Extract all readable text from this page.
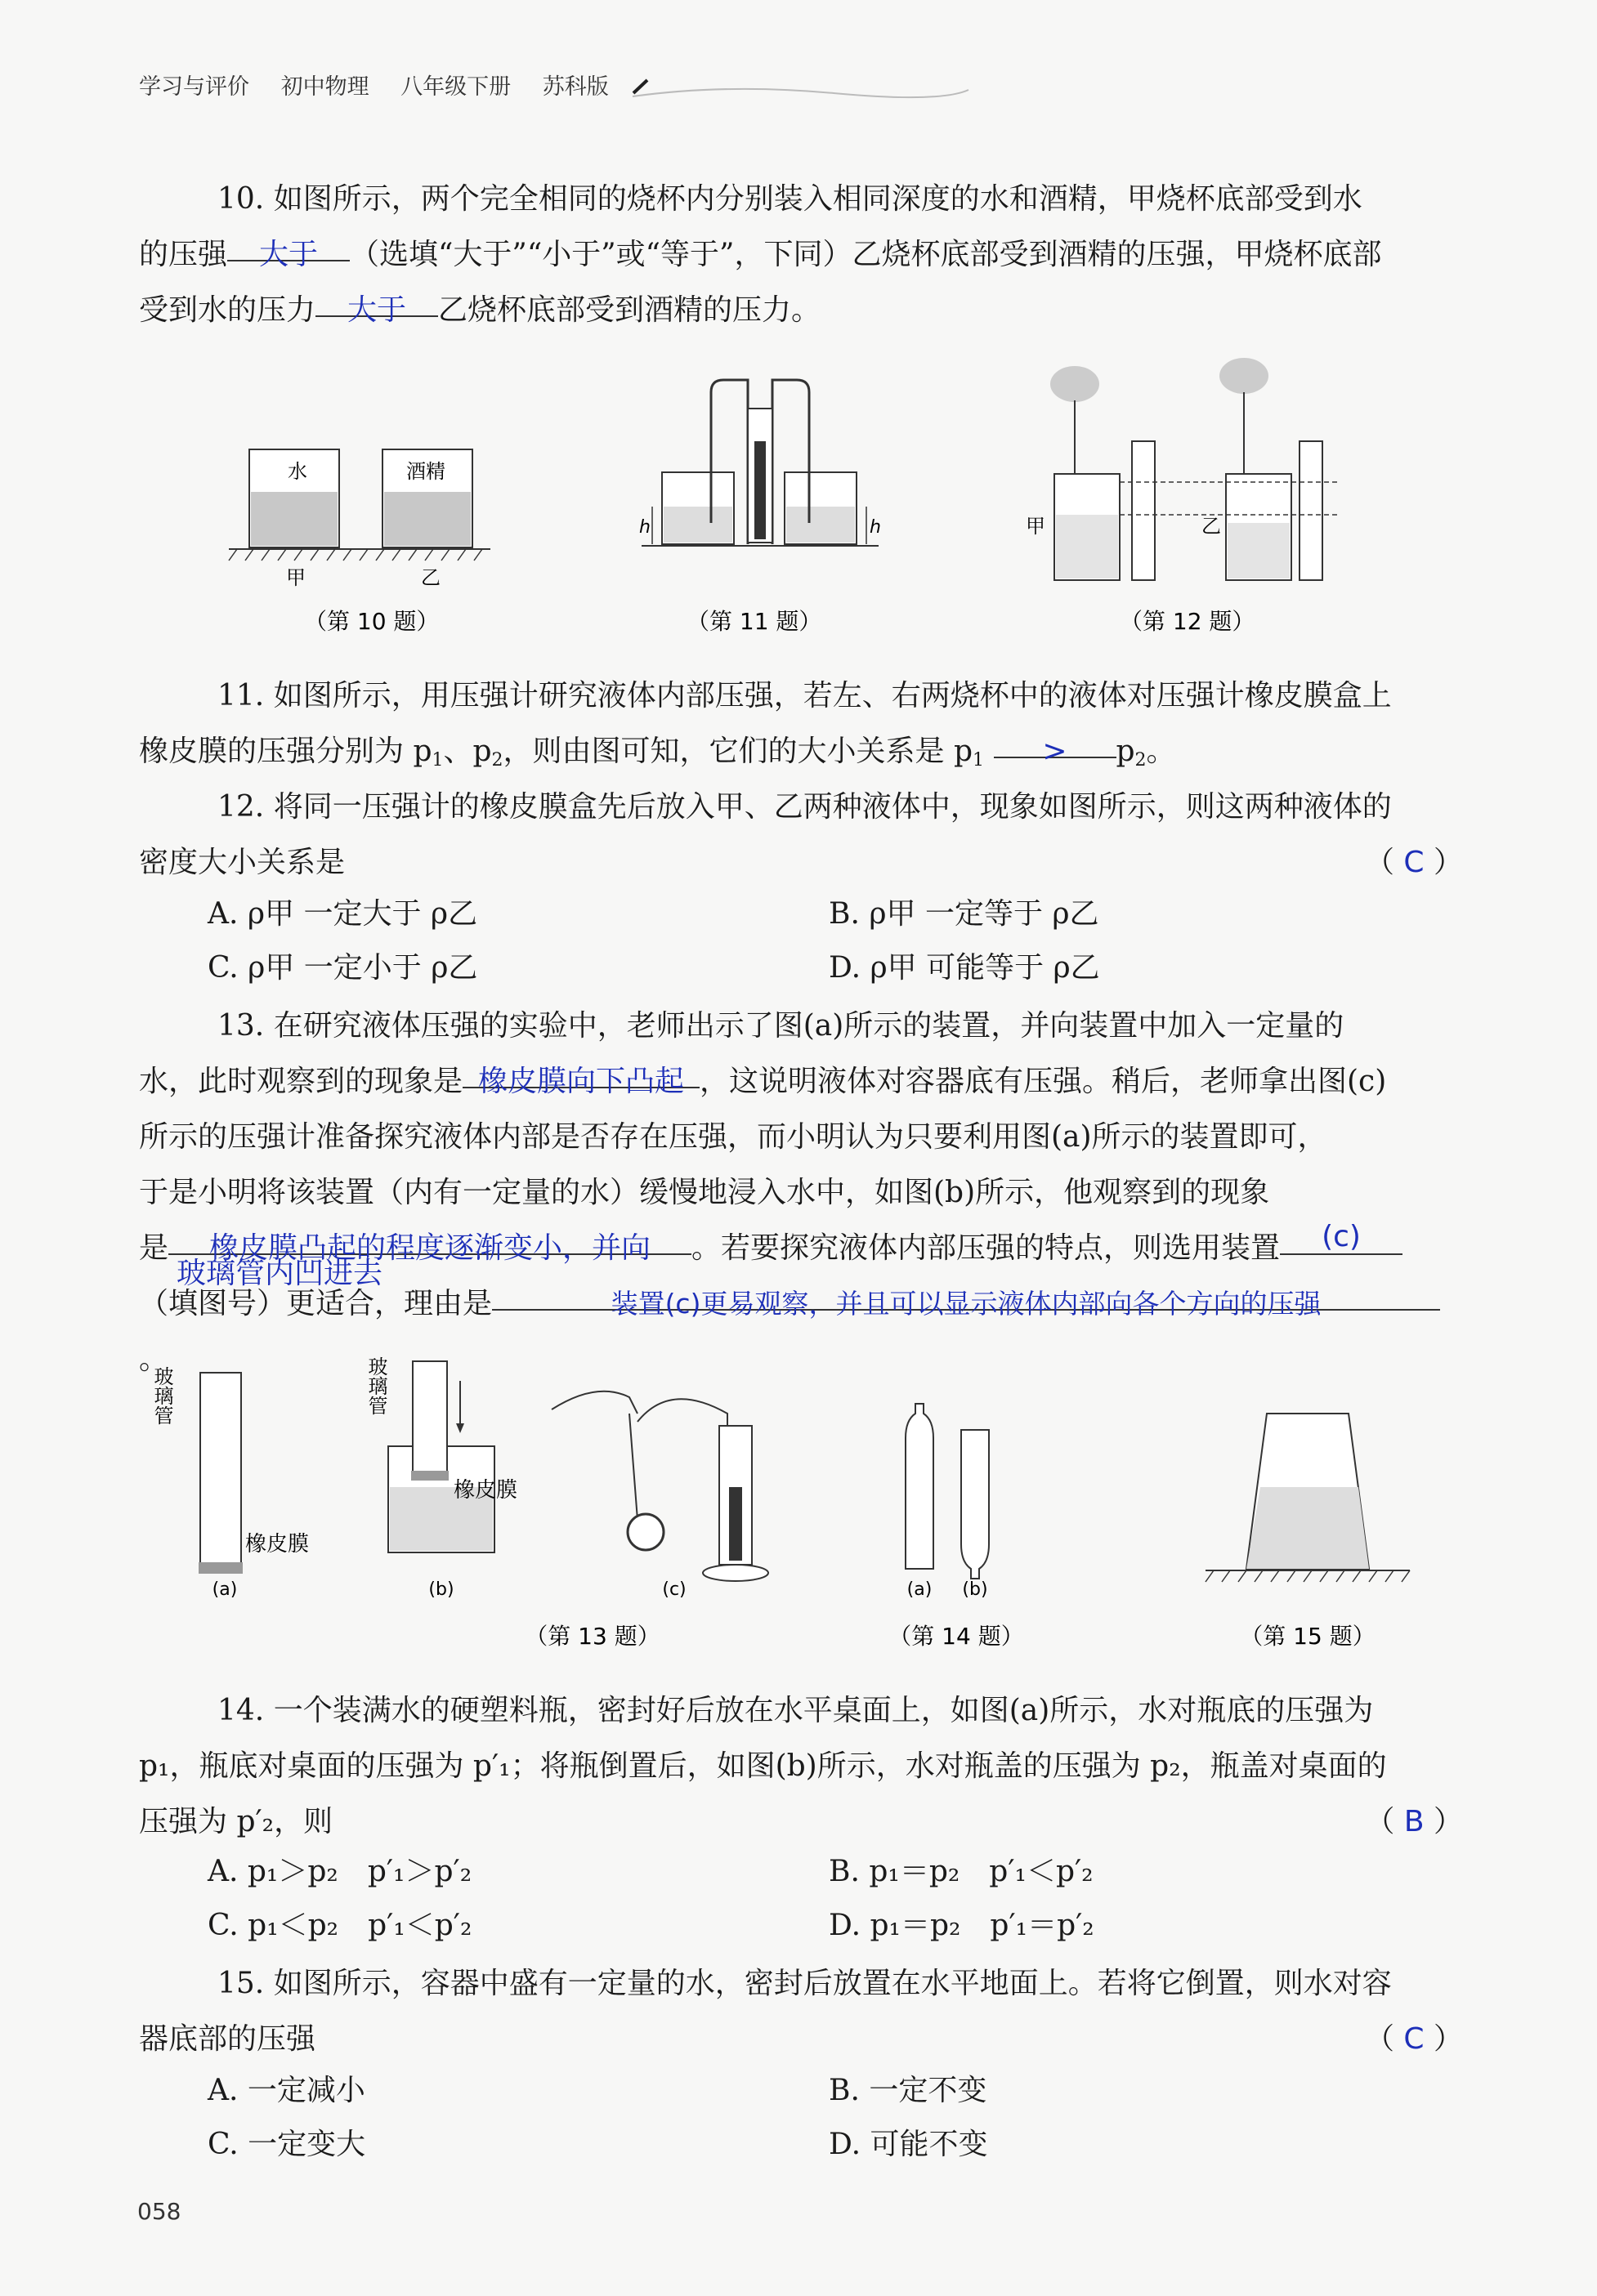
学习与评价 初中物理 八年级下册 苏科版
10. 如图所示，两个完全相同的烧杯内分别装入相同深度的水和酒精，甲烧杯底部受到水
的压强 大于 （选填“大于”“小于”或“等于”，下同）乙烧杯底部受到酒精的压强，甲烧杯底部
受到水的压力 大于 乙烧杯底部受到酒精的压力。
水	酒精
甲	乙
（第 10 题）
h	h
（第 11 题）
甲	乙
（第 12 题）
11. 如图所示，用压强计研究液体内部压强，若左、右两烧杯中的液体对压强计橡皮膜盒上
橡皮膜的压强分别为 $p_1$、$p_2$，则由图可知，它们的大小关系是 $p_1 > p_2$。
12. 将同一压强计的橡皮膜盒先后放入甲、乙两种液体中，现象如图所示，则这两种液体的
密度大小关系是	（ C ）
A. ρ甲 一定大于 ρ乙	B. ρ甲 一定等于 ρ乙
C. ρ甲 一定小于 ρ乙	D. ρ甲 可能等于 ρ乙
13. 在研究液体压强的实验中，老师出示了图(a)所示的装置，并向装置中加入一定量的
水，此时观察到的现象是 橡皮膜向下凸起 ，这说明液体对容器底有压强。稍后，老师拿出图(c)
所示的压强计准备探究液体内部是否存在压强，而小明认为只要利用图(a)所示的装置即可，
于是小明将该装置（内有一定量的水）缓慢地浸入水中，如图(b)所示，他观察到的现象
是 橡皮膜凸起的程度逐渐变小，并向 。若要探究液体内部压强的特点，则选用装置 (c)
玻璃管内凹进去
（填图号）更适合，理由是	装置(c)更易观察，并且可以显示液体内部向各个方向的压强。
玻璃管
橡皮膜
(a)
玻璃管
橡皮膜
(b)	(c)
（第 13 题）
(a) (b)
（第 14 题）	（第 15 题）
14. 一个装满水的硬塑料瓶，密封好后放在水平桌面上，如图(a)所示，水对瓶底的压强为
p₁，瓶底对桌面的压强为 p′₁；将瓶倒置后，如图(b)所示，水对瓶盖的压强为 p₂，瓶盖对桌面的
压强为 p′₂，则	（ B ）
A. p₁＞p₂　p′₁＞p′₂	B. p₁＝p₂　p′₁＜p′₂
C. p₁＜p₂　p′₁＜p′₂	D. p₁＝p₂　p′₁＝p′₂
15. 如图所示，容器中盛有一定量的水，密封后放置在水平地面上。若将它倒置，则水对容
器底部的压强	（ C ）
A. 一定减小	B. 一定不变
C. 一定变大	D. 可能不变
058
